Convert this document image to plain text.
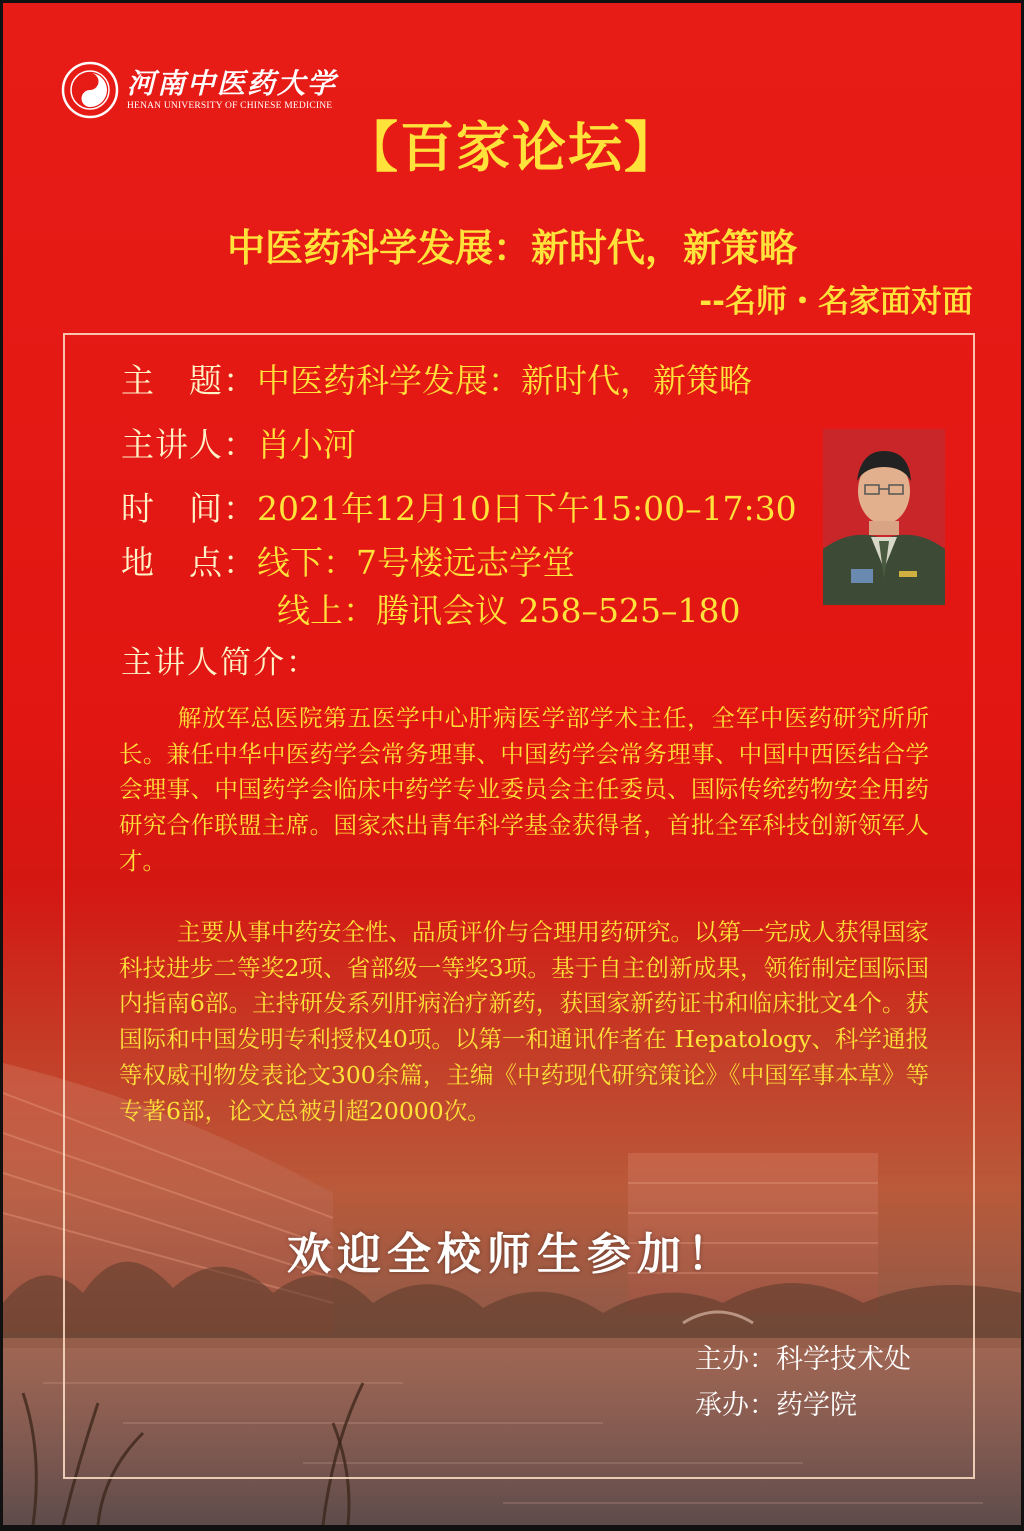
河南中医药大学
HENAN UNIVERSITY OF CHINESE MEDICINE
【百家论坛】
中医药科学发展：新时代，新策略
--名师・名家面对面
主　题：中医药科学发展：新时代，新策略
主讲人：肖小河
时　间：2021年12月10日下午15:00–17:30
地　点：线下：7号楼远志学堂
线上：腾讯会议 258–525–180
主讲人简介：
解放军总医院第五医学中心肝病医学部学术主任，全军中医药研究所所长。兼任中华中医药学会常务理事、中国药学会常务理事、中国中西医结合学会理事、中国药学会临床中药学专业委员会主任委员、国际传统药物安全用药研究合作联盟主席。国家杰出青年科学基金获得者，首批全军科技创新领军人才。
主要从事中药安全性、品质评价与合理用药研究。以第一完成人获得国家科技进步二等奖2项、省部级一等奖3项。基于自主创新成果，领衔制定国际国内指南6部。主持研发系列肝病治疗新药，获国家新药证书和临床批文4个。获国际和中国发明专利授权40项。以第一和通讯作者在 Hepatology、科学通报等权威刊物发表论文300余篇，主编《中药现代研究策论》《中国军事本草》等专著6部，论文总被引超20000次。
欢迎全校师生参加！
主办：科学技术处
承办：药学院
